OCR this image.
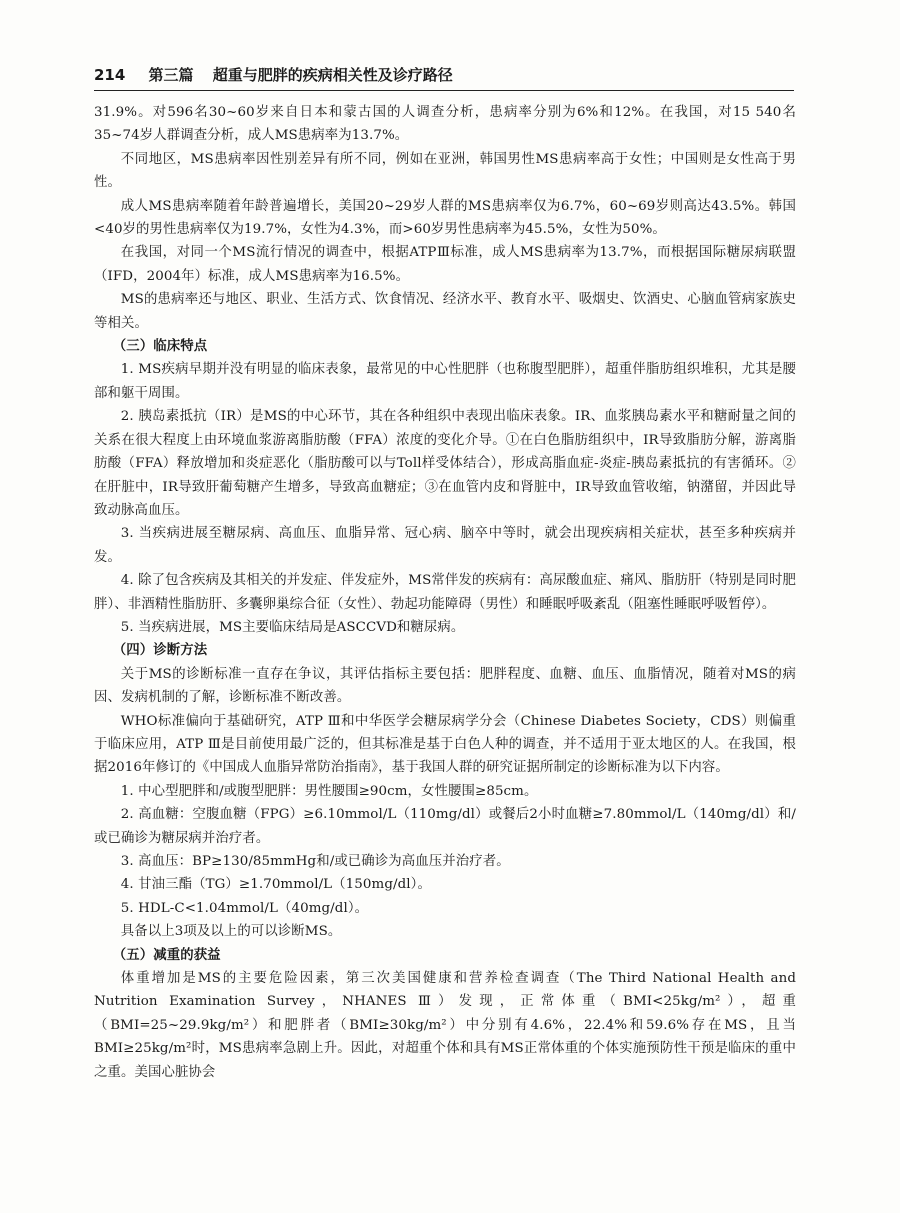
214 第三篇 超重与肥胖的疾病相关性及诊疗路径

31.9%。对596名30~60岁来自日本和蒙古国的人调查分析，患病率分别为6%和12%。在我国，对15 540名35~74岁人群调查分析，成人MS患病率为13.7%。

不同地区，MS患病率因性别差异有所不同，例如在亚洲，韩国男性MS患病率高于女性；中国则是女性高于男性。

成人MS患病率随着年龄普遍增长，美国20~29岁人群的MS患病率仅为6.7%，60~69岁则高达43.5%。韩国<40岁的男性患病率仅为19.7%，女性为4.3%，而>60岁男性患病率为45.5%，女性为50%。

在我国，对同一个MS流行情况的调查中，根据ATPⅢ标准，成人MS患病率为13.7%，而根据国际糖尿病联盟（IFD，2004年）标准，成人MS患病率为16.5%。

MS的患病率还与地区、职业、生活方式、饮食情况、经济水平、教育水平、吸烟史、饮酒史、心脑血管病家族史等相关。

（三）临床特点

1. MS疾病早期并没有明显的临床表象，最常见的中心性肥胖（也称腹型肥胖），超重伴脂肪组织堆积，尤其是腰部和躯干周围。

2. 胰岛素抵抗（IR）是MS的中心环节，其在各种组织中表现出临床表象。IR、血浆胰岛素水平和糖耐量之间的关系在很大程度上由环境血浆游离脂肪酸（FFA）浓度的变化介导。①在白色脂肪组织中，IR导致脂肪分解，游离脂肪酸（FFA）释放增加和炎症恶化（脂肪酸可以与Toll样受体结合），形成高脂血症-炎症-胰岛素抵抗的有害循环。②在肝脏中，IR导致肝葡萄糖产生增多，导致高血糖症；③在血管内皮和肾脏中，IR导致血管收缩，钠潴留，并因此导致动脉高血压。

3. 当疾病进展至糖尿病、高血压、血脂异常、冠心病、脑卒中等时，就会出现疾病相关症状，甚至多种疾病并发。

4. 除了包含疾病及其相关的并发症、伴发症外，MS常伴发的疾病有：高尿酸血症、痛风、脂肪肝（特别是同时肥胖）、非酒精性脂肪肝、多囊卵巢综合征（女性）、勃起功能障碍（男性）和睡眠呼吸紊乱（阻塞性睡眠呼吸暂停）。

5. 当疾病进展，MS主要临床结局是ASCCVD和糖尿病。

（四）诊断方法

关于MS的诊断标准一直存在争议，其评估指标主要包括：肥胖程度、血糖、血压、血脂情况，随着对MS的病因、发病机制的了解，诊断标准不断改善。

WHO标准偏向于基础研究，ATP Ⅲ和中华医学会糖尿病学分会（Chinese Diabetes Society，CDS）则偏重于临床应用，ATP Ⅲ是目前使用最广泛的，但其标准是基于白色人种的调查，并不适用于亚太地区的人。在我国，根据2016年修订的《中国成人血脂异常防治指南》，基于我国人群的研究证据所制定的诊断标准为以下内容。

1. 中心型肥胖和/或腹型肥胖：男性腰围≥90cm，女性腰围≥85cm。

2. 高血糖：空腹血糖（FPG）≥6.10mmol/L（110mg/dl）或餐后2小时血糖≥7.80mmol/L（140mg/dl）和/或已确诊为糖尿病并治疗者。

3. 高血压：BP≥130/85mmHg和/或已确诊为高血压并治疗者。

4. 甘油三酯（TG）≥1.70mmol/L（150mg/dl）。

5. HDL-C<1.04mmol/L（40mg/dl）。

具备以上3项及以上的可以诊断MS。

（五）减重的获益

体重增加是MS的主要危险因素，第三次美国健康和营养检查调查（The Third National Health and Nutrition Examination Survey，NHANES Ⅲ）发现，正常体重（BMI<25kg/m²），超重（BMI=25~29.9kg/m²）和肥胖者（BMI≥30kg/m²）中分别有4.6%，22.4%和59.6%存在MS，且当BMI≥25kg/m²时，MS患病率急剧上升。因此，对超重个体和具有MS正常体重的个体实施预防性干预是临床的重中之重。美国心脏协会
